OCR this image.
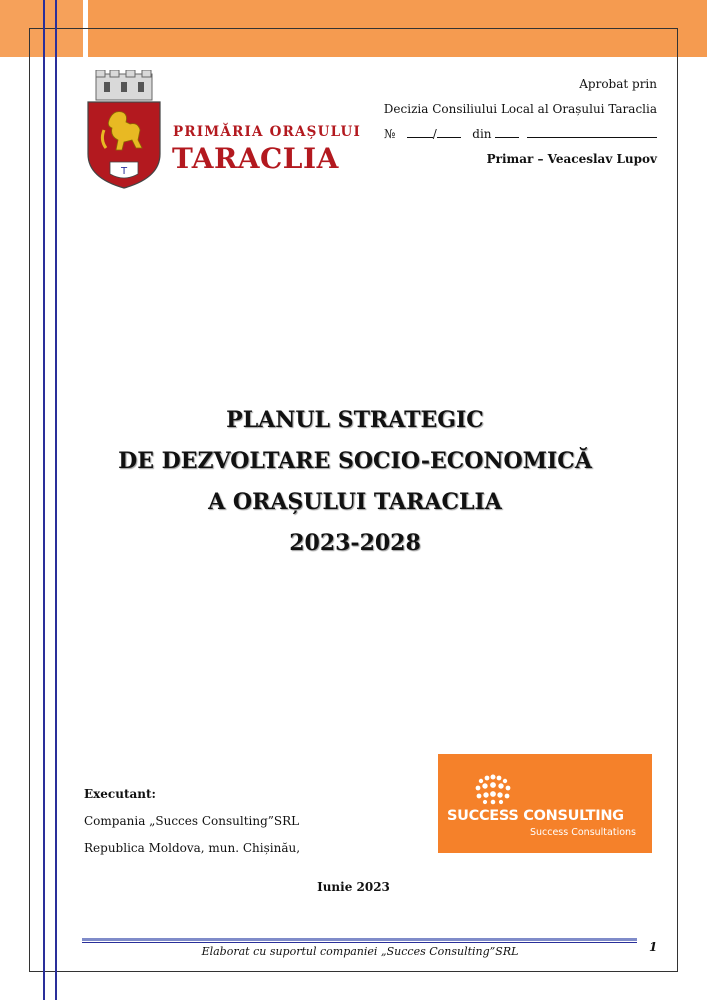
Т
PRIMĂRIA ORAȘULUI
TARACLIA
Aprobat prin
Decizia Consiliului Local al Orașului Taraclia
№	/	din
Primar – Veaceslav Lupov
PLANUL STRATEGIC
DE DEZVOLTARE SOCIO-ECONOMICĂ
A ORAȘULUI TARACLIA
2023-2028
Executant:
Compania „Succes Consulting”SRL
Republica Moldova, mun. Chișinău,
SUCCESS CONSULTING
Success Consultations
Iunie 2023
Elaborat cu suportul companiei „Succes Consulting”SRL	1
